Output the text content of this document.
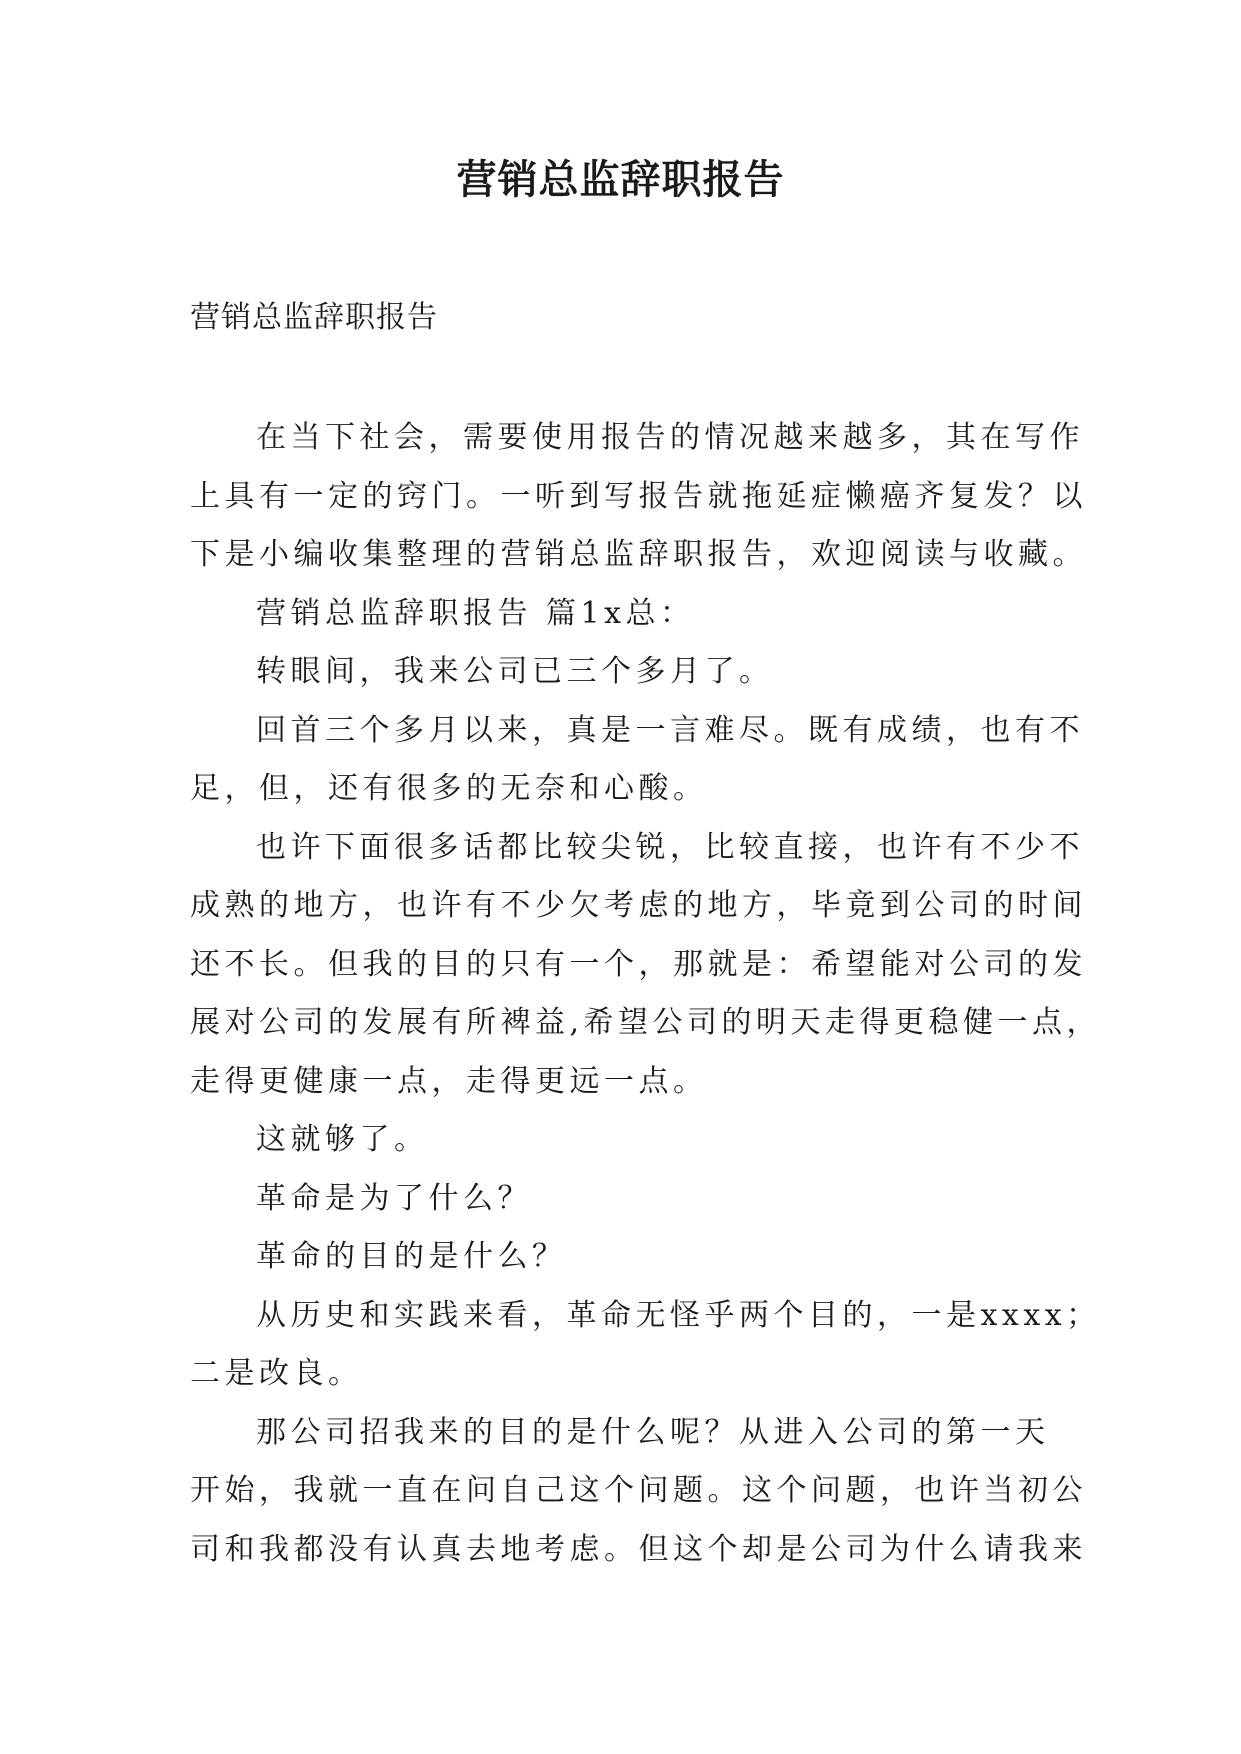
营销总监辞职报告
营销总监辞职报告
在当下社会，需要使用报告的情况越来越多，其在写作
上具有一定的窍门。一听到写报告就拖延症懒癌齐复发？以
下是小编收集整理的营销总监辞职报告，欢迎阅读与收藏。
营销总监辞职报告 篇1x总：
转眼间，我来公司已三个多月了。
回首三个多月以来，真是一言难尽。既有成绩，也有不
足，但，还有很多的无奈和心酸。
也许下面很多话都比较尖锐，比较直接，也许有不少不
成熟的地方，也许有不少欠考虑的地方，毕竟到公司的时间
还不长。但我的目的只有一个，那就是：希望能对公司的发
展对公司的发展有所裨益,希望公司的明天走得更稳健一点，
走得更健康一点，走得更远一点。
这就够了。
革命是为了什么？
革命的目的是什么？
从历史和实践来看，革命无怪乎两个目的，一是xxxx；
二是改良。
那公司招我来的目的是什么呢？从进入公司的第一天
开始，我就一直在问自己这个问题。这个问题，也许当初公
司和我都没有认真去地考虑。但这个却是公司为什么请我来
